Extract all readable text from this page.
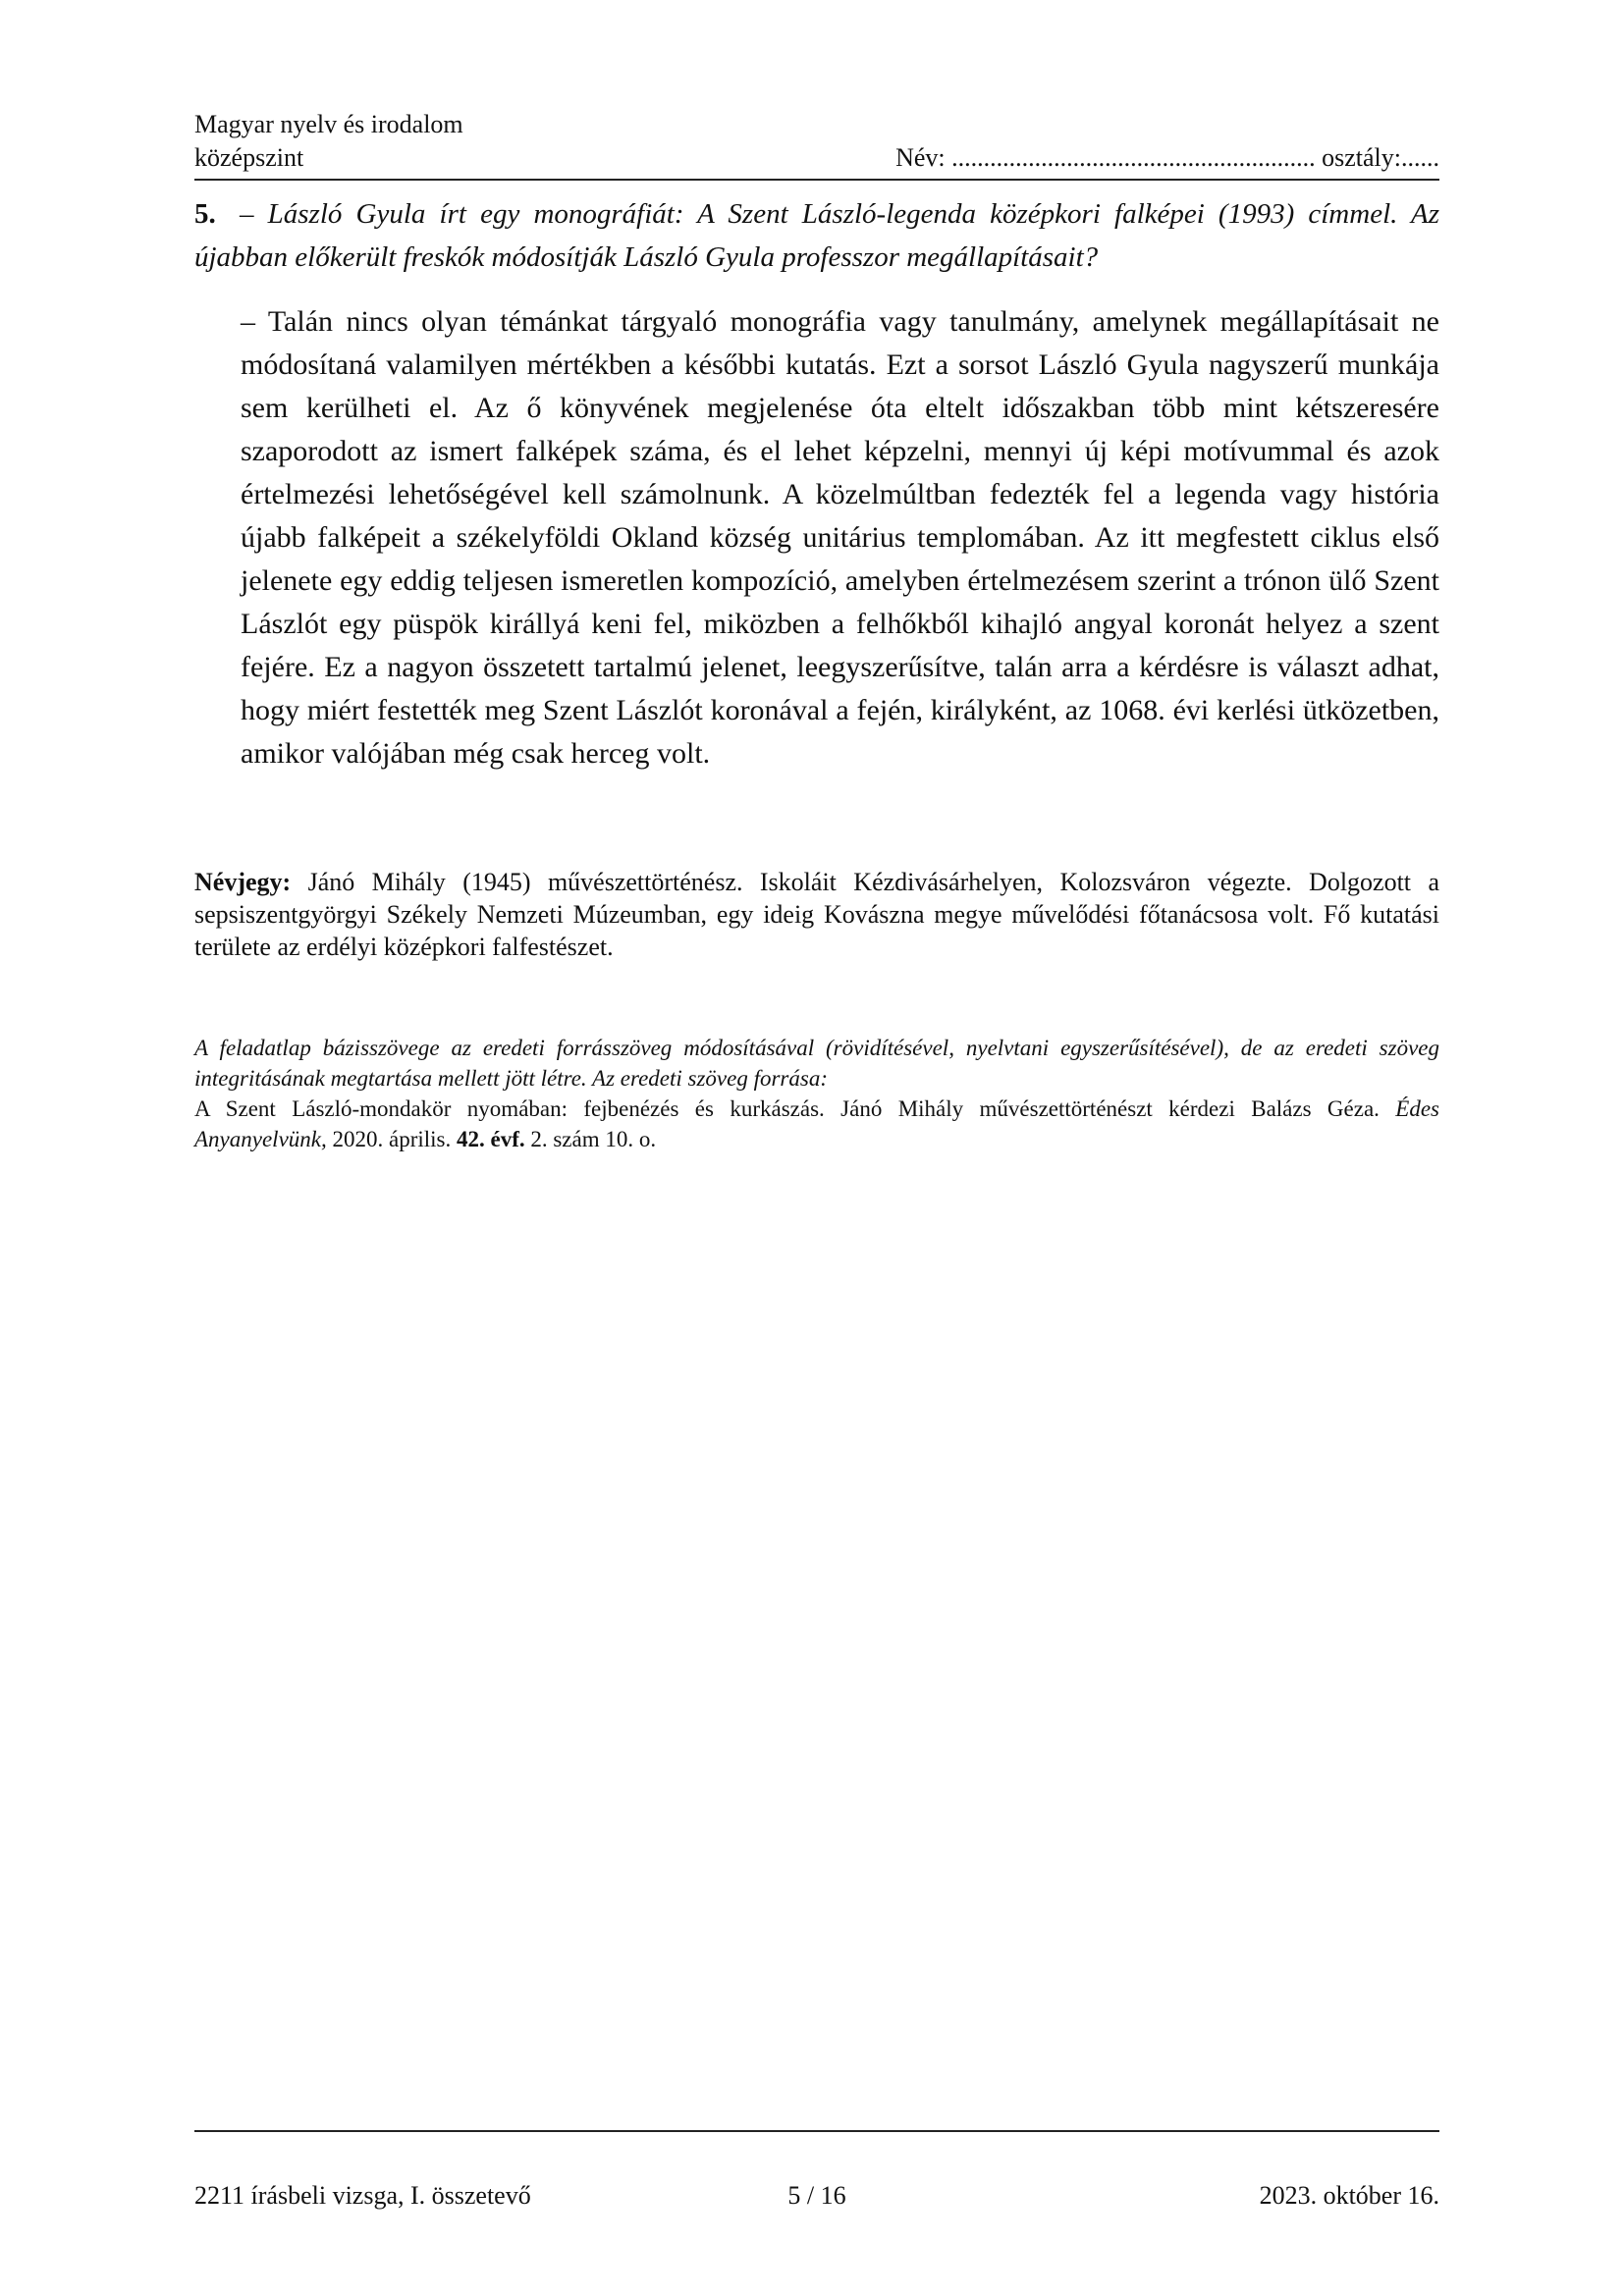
Magyar nyelv és irodalom
középszint	Név: ......................................................... osztály:......
5. – László Gyula írt egy monográfiát: A Szent László-legenda középkori falképei (1993) címmel. Az újabban előkerült freskók módosítják László Gyula professzor megállapításait?

– Talán nincs olyan témánkat tárgyaló monográfia vagy tanulmány, amelynek megállapításait ne módosítaná valamilyen mértékben a későbbi kutatás. Ezt a sorsot László Gyula nagyszerű munkája sem kerülheti el. Az ő könyvének megjelenése óta eltelt időszakban több mint kétszeresére szaporodott az ismert falképek száma, és el lehet képzelni, mennyi új képi motívummal és azok értelmezési lehetőségével kell számolnunk. A közelmúltban fedezték fel a legenda vagy história újabb falképeit a székelyföldi Okland község unitárius templomában. Az itt megfestett ciklus első jelenete egy eddig teljesen ismeretlen kompozíció, amelyben értelmezésem szerint a trónon ülő Szent Lászlót egy püspök királlyá keni fel, miközben a felhőkből kihajló angyal koronát helyez a szent fejére. Ez a nagyon összetett tartalmú jelenet, leegyszerűsítve, talán arra a kérdésre is választ adhat, hogy miért festették meg Szent Lászlót koronával a fején, királyként, az 1068. évi kerlési ütközetben, amikor valójában még csak herceg volt.

Névjegy: Jánó Mihály (1945) művészettörténész. Iskoláit Kézdivásárhelyen, Kolozsváron végezte. Dolgozott a sepsiszentgyörgyi Székely Nemzeti Múzeumban, egy ideig Kovászna megye művelődési főtanácsosa volt. Fő kutatási területe az erdélyi középkori falfestészet.

A feladatlap bázisszövege az eredeti forrásszöveg módosításával (rövidítésével, nyelvtani egyszerűsítésével), de az eredeti szöveg integritásának megtartása mellett jött létre. Az eredeti szöveg forrása:

A Szent László-mondakör nyomában: fejbenézés és kurkászás. Jánó Mihály művészettörténészt kérdezi Balázs Géza. Édes Anyanyelvünk, 2020. április. 42. évf. 2. szám 10. o.

2211 írásbeli vizsga, I. összetevő	5 / 16	2023. október 16.
